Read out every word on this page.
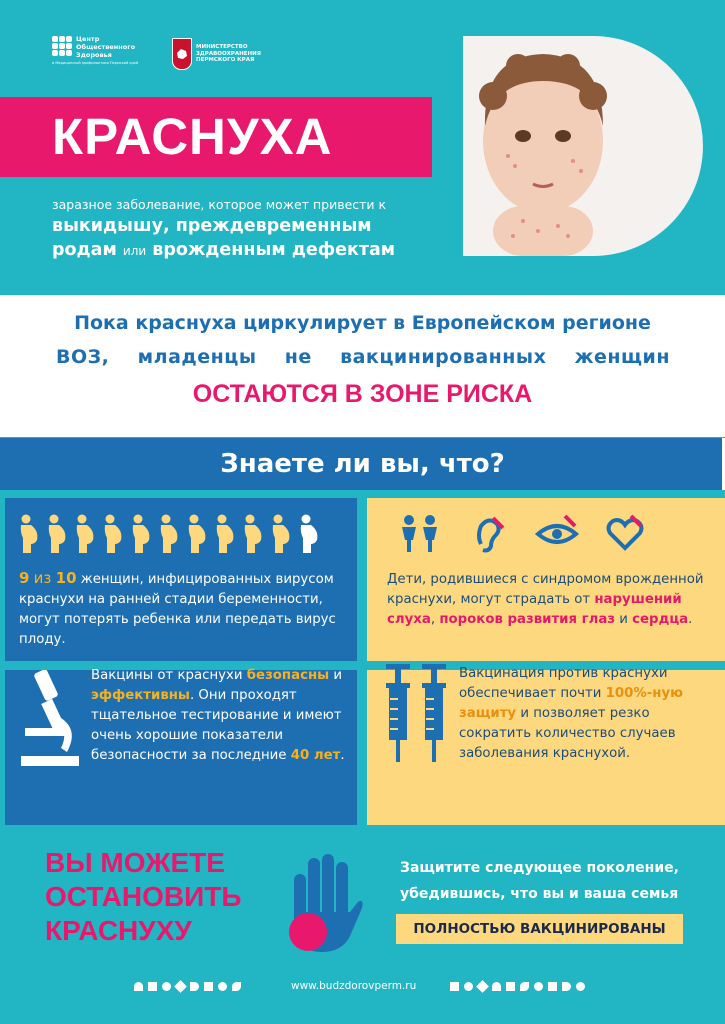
Центр Общественного Здоровья
и Медицинской профилактики Пермский край
МИНИСТЕРСТВО ЗДРАВООХРАНЕНИЯ ПЕРМСКОГО КРАЯ
КРАСНУХА
заразное заболевание, которое может привести к
выкидышу, преждевременным
родам или врожденным дефектам
Пока краснуха циркулирует в Европейском регионе
ВОЗ, младенцы не вакцинированных женщин
ОСТАЮТСЯ В ЗОНЕ РИСКА
Знаете ли вы, что?
9 из 10 женщин, инфицированных вирусом краснухи на ранней стадии беременности, могут потерять ребенка или передать вирус плоду.
Дети, родившиеся с синдромом врожденной краснухи, могут страдать от нарушений слуха, пороков развития глаз и сердца.
Вакцины от краснухи безопасны и эффективны. Они проходят тщательное тестирование и имеют очень хорошие показатели безопасности за последние 40 лет.
Вакцинация против краснухи обеспечивает почти 100%-ную защиту и позволяет резко сократить количество случаев заболевания краснухой.
ВЫ МОЖЕТЕ
ОСТАНОВИТЬ
КРАСНУХУ
Защитите следующее поколение,
убедившись, что вы и ваша семья
ПОЛНОСТЬЮ ВАКЦИНИРОВАНЫ
www.budzdorovperm.ru
